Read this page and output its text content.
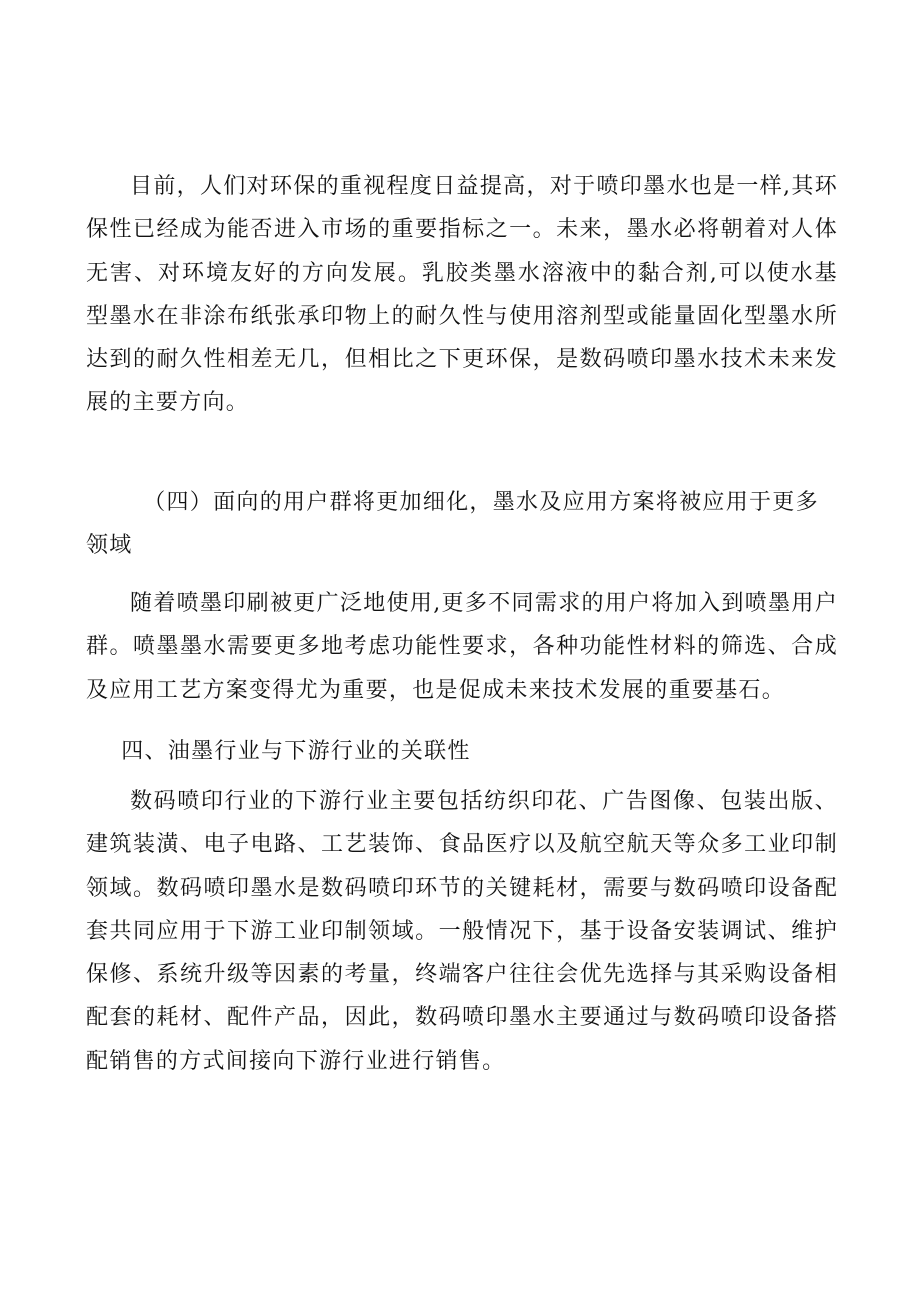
目前，人们对环保的重视程度日益提高，对于喷印墨水也是一样,其环保性已经成为能否进入市场的重要指标之一。未来，墨水必将朝着对人体无害、对环境友好的方向发展。乳胶类墨水溶液中的黏合剂,可以使水基型墨水在非涂布纸张承印物上的耐久性与使用溶剂型或能量固化型墨水所达到的耐久性相差无几，但相比之下更环保，是数码喷印墨水技术未来发展的主要方向。

（四）面向的用户群将更加细化，墨水及应用方案将被应用于更多领域

随着喷墨印刷被更广泛地使用,更多不同需求的用户将加入到喷墨用户群。喷墨墨水需要更多地考虑功能性要求，各种功能性材料的筛选、合成及应用工艺方案变得尤为重要，也是促成未来技术发展的重要基石。

四、油墨行业与下游行业的关联性

数码喷印行业的下游行业主要包括纺织印花、广告图像、包装出版、建筑装潢、电子电路、工艺装饰、食品医疗以及航空航天等众多工业印制领域。数码喷印墨水是数码喷印环节的关键耗材，需要与数码喷印设备配套共同应用于下游工业印制领域。一般情况下，基于设备安装调试、维护保修、系统升级等因素的考量，终端客户往往会优先选择与其采购设备相配套的耗材、配件产品，因此，数码喷印墨水主要通过与数码喷印设备搭配销售的方式间接向下游行业进行销售。
